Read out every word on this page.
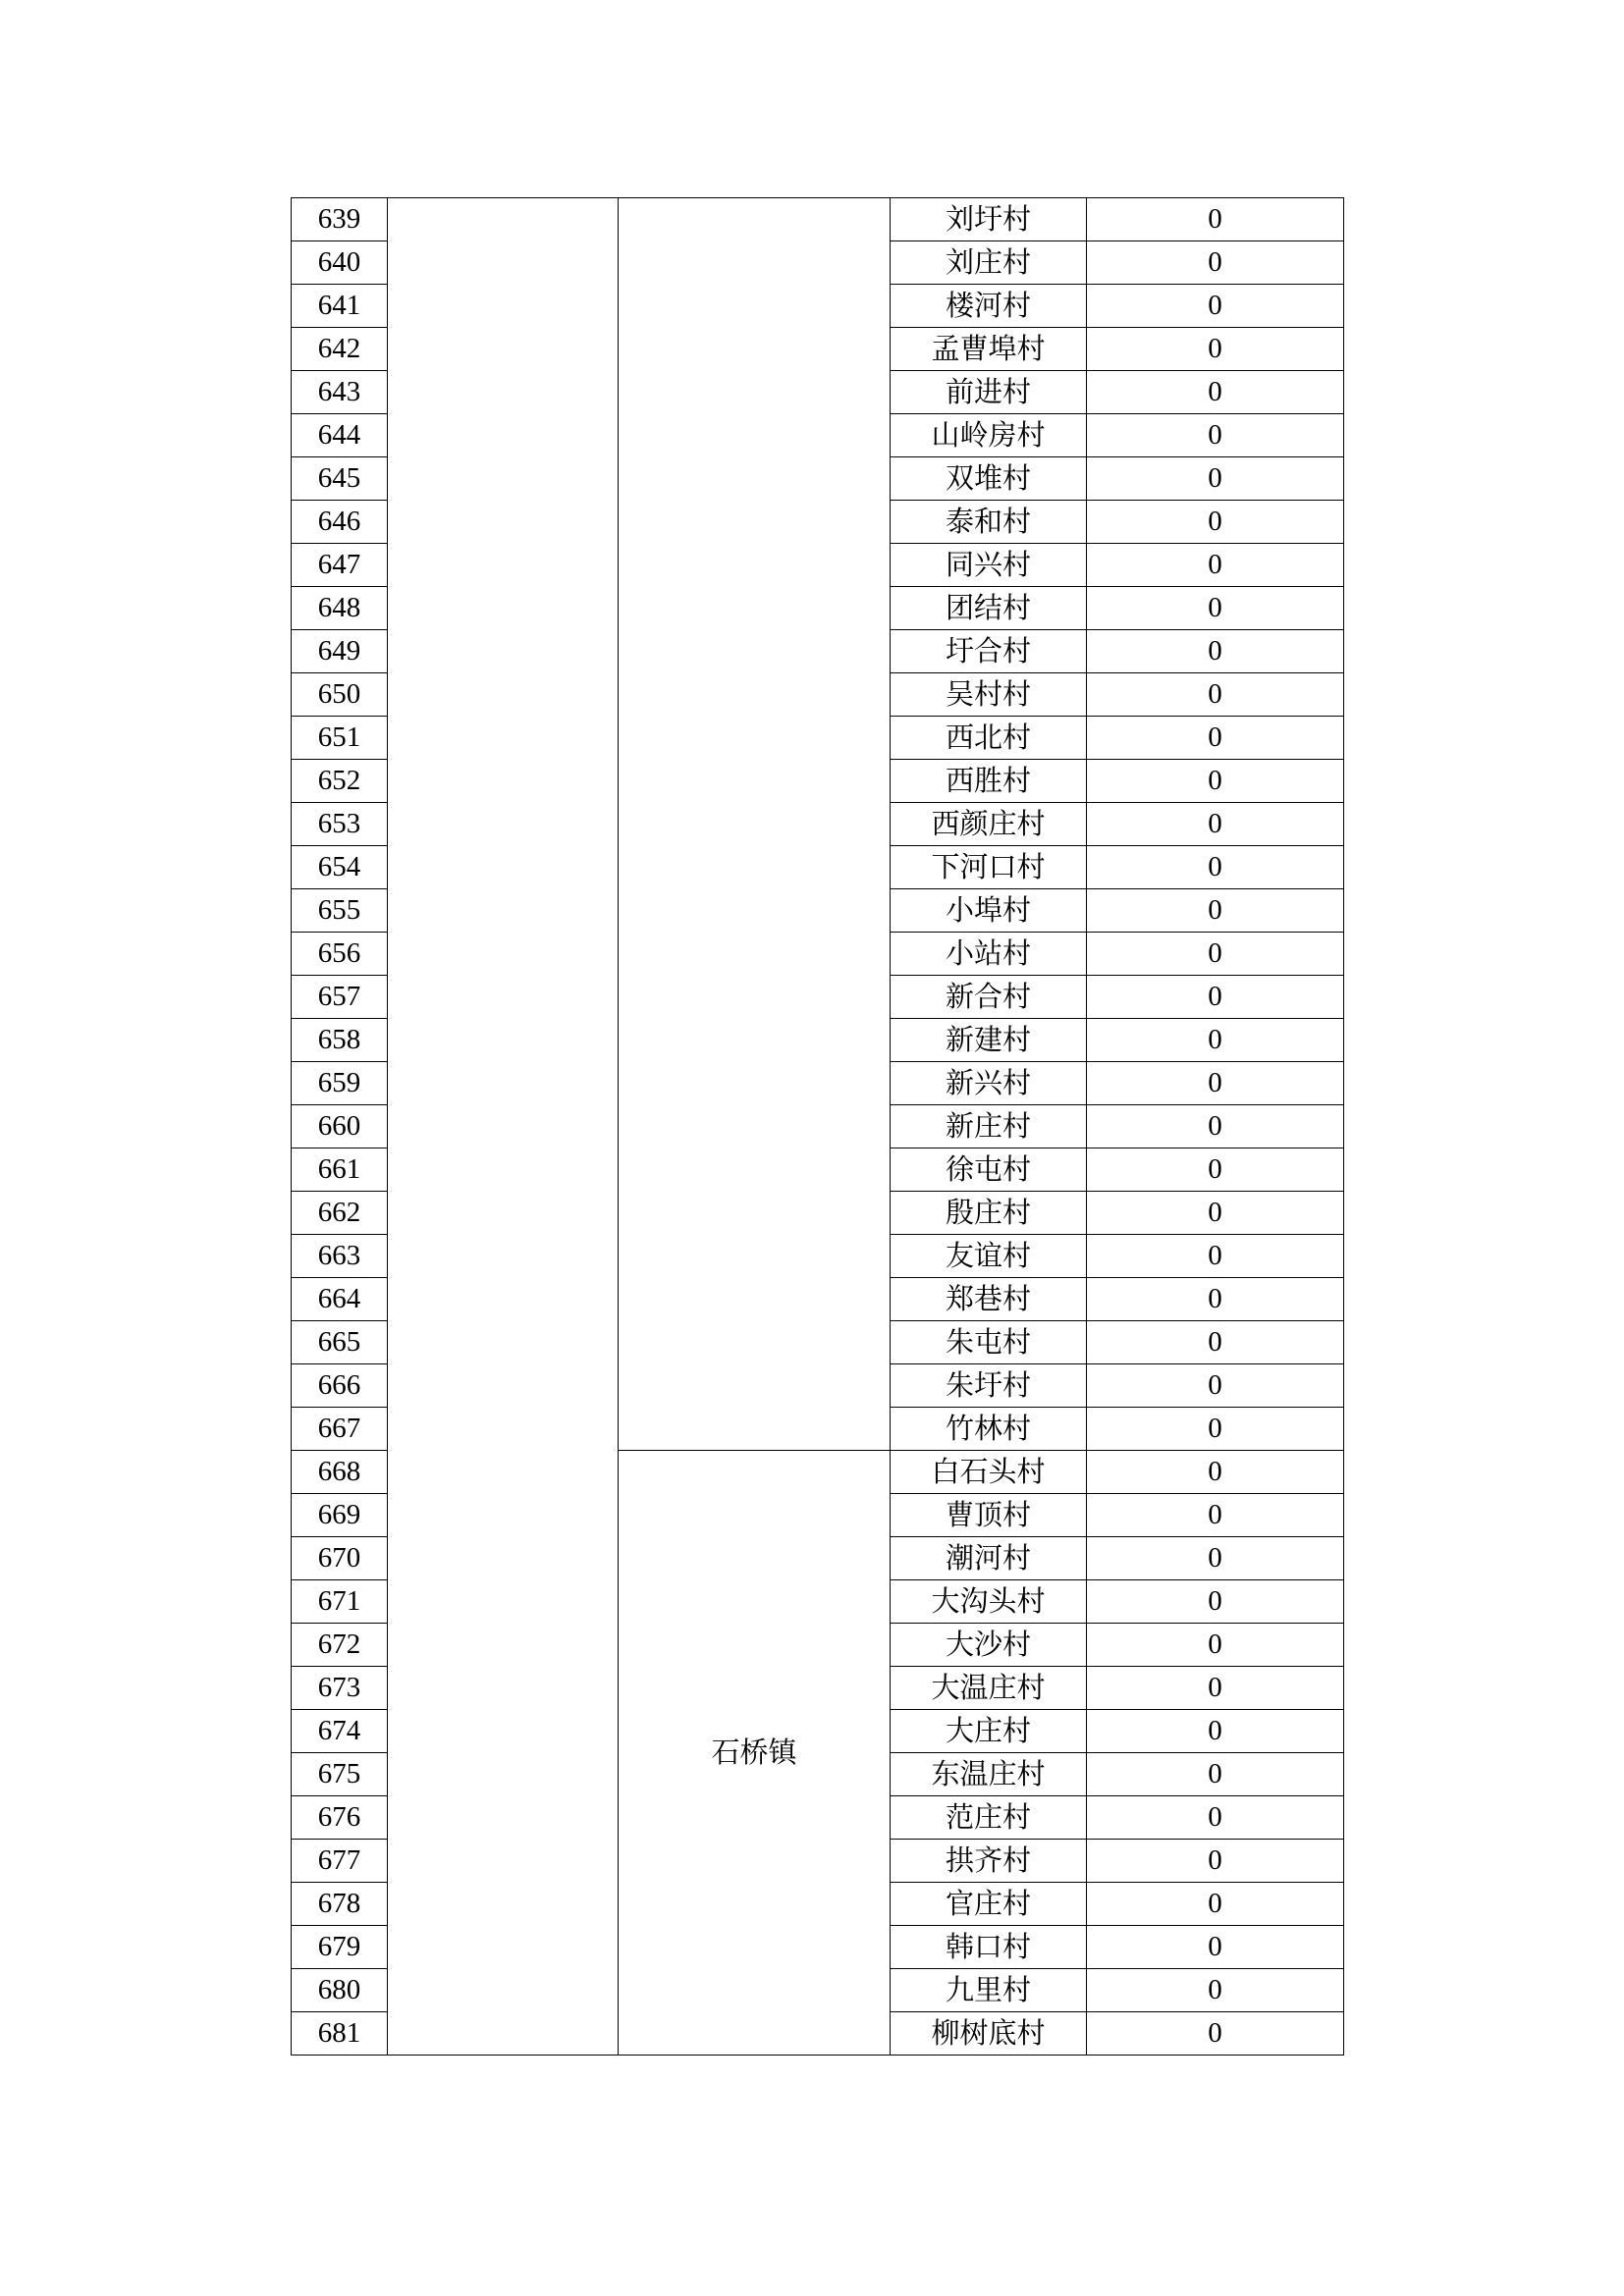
639			刘圩村	0
640			刘庄村	0
641			楼河村	0
642			孟曹埠村	0
643			前进村	0
644			山岭房村	0
645			双堆村	0
646			泰和村	0
647			同兴村	0
648			团结村	0
649			圩合村	0
650			吴村村	0
651			西北村	0
652			西胜村	0
653			西颜庄村	0
654			下河口村	0
655			小埠村	0
656			小站村	0
657			新合村	0
658			新建村	0
659			新兴村	0
660			新庄村	0
661			徐屯村	0
662			殷庄村	0
663			友谊村	0
664			郑巷村	0
665			朱屯村	0
666			朱圩村	0
667			竹林村	0
668		石桥镇	白石头村	0
669			曹顶村	0
670			潮河村	0
671			大沟头村	0
672			大沙村	0
673			大温庄村	0
674			大庄村	0
675			东温庄村	0
676			范庄村	0
677			拱齐村	0
678			官庄村	0
679			韩口村	0
680			九里村	0
681			柳树底村	0
